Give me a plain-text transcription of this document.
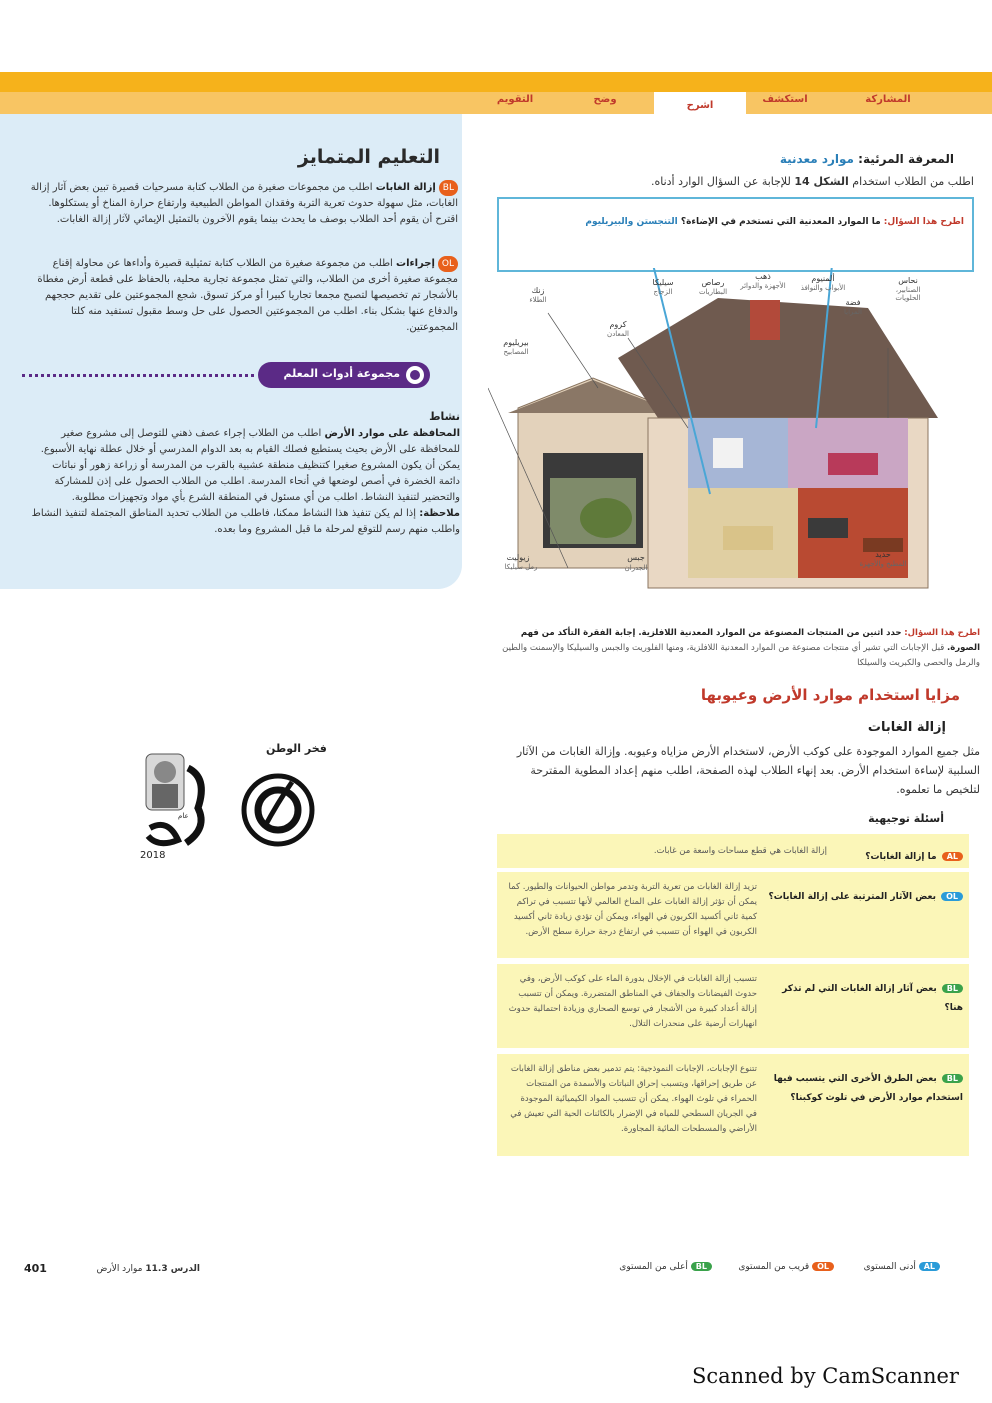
المشاركة
استكشف
اشرح
وضح
التقويم
التعليم المتمايز
BLإزالة الغابات اطلب من مجموعات صغيرة من الطلاب كتابة مسرحيات قصيرة تبين بعض آثار إزالة الغابات، مثل سهولة حدوث تعرية التربة وفقدان المواطن الطبيعية وارتفاع حرارة المناخ أو يستكلوها. اقترح أن يقوم أحد الطلاب بوصف ما يحدث بينما يقوم الآخرون بالتمثيل الإيمائي لآثار إزالة الغابات.
OLإجراءات اطلب من مجموعة صغيرة من الطلاب كتابة تمثيلية قصيرة وأداءها عن محاولة إقناع مجموعة صغيرة أخرى من الطلاب، والتي تمثل مجموعة تجارية محلية، بالحفاظ على قطعة أرض مغطاة بالأشجار تم تخصيصها لتصبح مجمعا تجاريا كبيرا أو مركز تسوق. شجع المجموعتين على تقديم حججهم والدفاع عنها بشكل بناء. اطلب من المجموعتين الحصول على حل وسط مقبول تستفيد منه كلتا المجموعتين.
مجموعة أدوات المعلم
نشاط
المحافظة على موارد الأرض اطلب من الطلاب إجراء عصف ذهني للتوصل إلى مشروع صغير للمحافظة على الأرض بحيث يستطيع فصلك القيام به بعد الدوام المدرسي أو خلال عطلة نهاية الأسبوع. يمكن أن يكون المشروع صغيرا كتنظيف منطقة عشبية بالقرب من المدرسة أو زراعة زهور أو نباتات دائمة الخضرة في أصص لوضعها في أنحاء المدرسة. اطلب من الطلاب الحصول على إذن للمشاركة والتحضير لتنفيذ النشاط. اطلب من أي مسئول في المنطقة الشرع بأي مواد وتجهيزات مطلوبة. ملاحظة: إذا لم يكن تنفيذ هذا النشاط ممكنا، فاطلب من الطلاب تحديد المناطق المجتملة لتنفيذ النشاط واطلب منهم رسم للتوقع لمرحلة ما قبل المشروع وما بعده.
2018
عام
فخر الوطن
المعرفة المرئية: موارد معدنية
اطلب من الطلاب استخدام الشكل 14 للإجابة عن السؤال الوارد أدناه.
اطرح هذا السؤال: ما الموارد المعدنية التي تستخدم في الإضاءة؟ التنجستن والبيريليوم
نحاس
الصنابير، الحلويات
ألمنيوم
الأبواب والنوافذ
ذهب
الأجهزة والدوائر
فضة
المرايا
حديد
المطبخ والأجهزة
رصاص
البطاريات
سيليكا
الزجاج
زنك
الطلاء
كروم
المعادن
جبس
الجدران
بيريليوم
المصابيح
زيوليت
رمل سيليكا
اطرح هذا السؤال: حدد اثنين من المنتجات المصنوعة من الموارد المعدنية اللافلزية. إجابة الفقرة التأكد من فهم الصورة. قبل الإجابات التي تشير أي منتجات مصنوعة من الموارد المعدنية اللافلزية، ومنها الفلوريت والجبس والسيليكا والإسمنت والطين والرمل والحصى والكبريت والسيلكا
مزايا استخدام موارد الأرض وعيوبها
إزالة الغابات
مثل جميع الموارد الموجودة على كوكب الأرض، لاستخدام الأرض مزاياه وعيوبه. وإزالة الغابات من الآثار السلبية لإساءة استخدام الأرض. بعد إنهاء الطلاب لهذه الصفحة، اطلب منهم إعداد المطوية المقترحة لتلخيص ما تعلموه.
أسئلة توجيهية
AL ما إزالة الغابات؟
إزالة الغابات هي قطع مساحات واسعة من غابات.
OL بعض الآثار المترتبة على إزالة الغابات؟
تزيد إزالة الغابات من تعرية التربة وتدمر مواطن الحيوانات والطيور. كما يمكن أن تؤثر إزالة الغابات على المناخ العالمي لأنها تتسبب في تراكم كمية ثاني أكسيد الكربون في الهواء، ويمكن أن تؤدي زيادة ثاني أكسيد الكربون في الهواء أن تتسبب في ارتفاع درجة حرارة سطح الأرض.
BL بعض آثار إزالة الغابات التي لم تذكر هنا؟
تتسبب إزالة الغابات في الإخلال بدورة الماء على كوكب الأرض، وفي حدوث الفيضانات والجفاف في المناطق المتضررة. ويمكن أن تتسبب إزالة أعداد كبيرة من الأشجار في توسع الصحاري وزيادة احتمالية حدوث انهيارات أرضية على منحدرات التلال.
BL بعض الطرق الأخرى التي يتسبب فيها استخدام موارد الأرض في تلوث كوكبنا؟
تتنوع الإجابات، الإجابات النموذجية: يتم تدمير بعض مناطق إزالة الغابات عن طريق إحراقها، ويتسبب إحراق النباتات والأسمدة من المنتجات الحمراء في تلوث الهواء. يمكن أن تتسبب المواد الكيميائية الموجودة في الجريان السطحي للمياه في الإضرار بالكائنات الحية التي تعيش في الأراضي والمسطحات المائية المجاورة.
401	الدرس 11.3 موارد الأرض	AL أدنى المستوى
OL قريب من المستوى
BL أعلى من المستوى
Scanned by CamScanner
